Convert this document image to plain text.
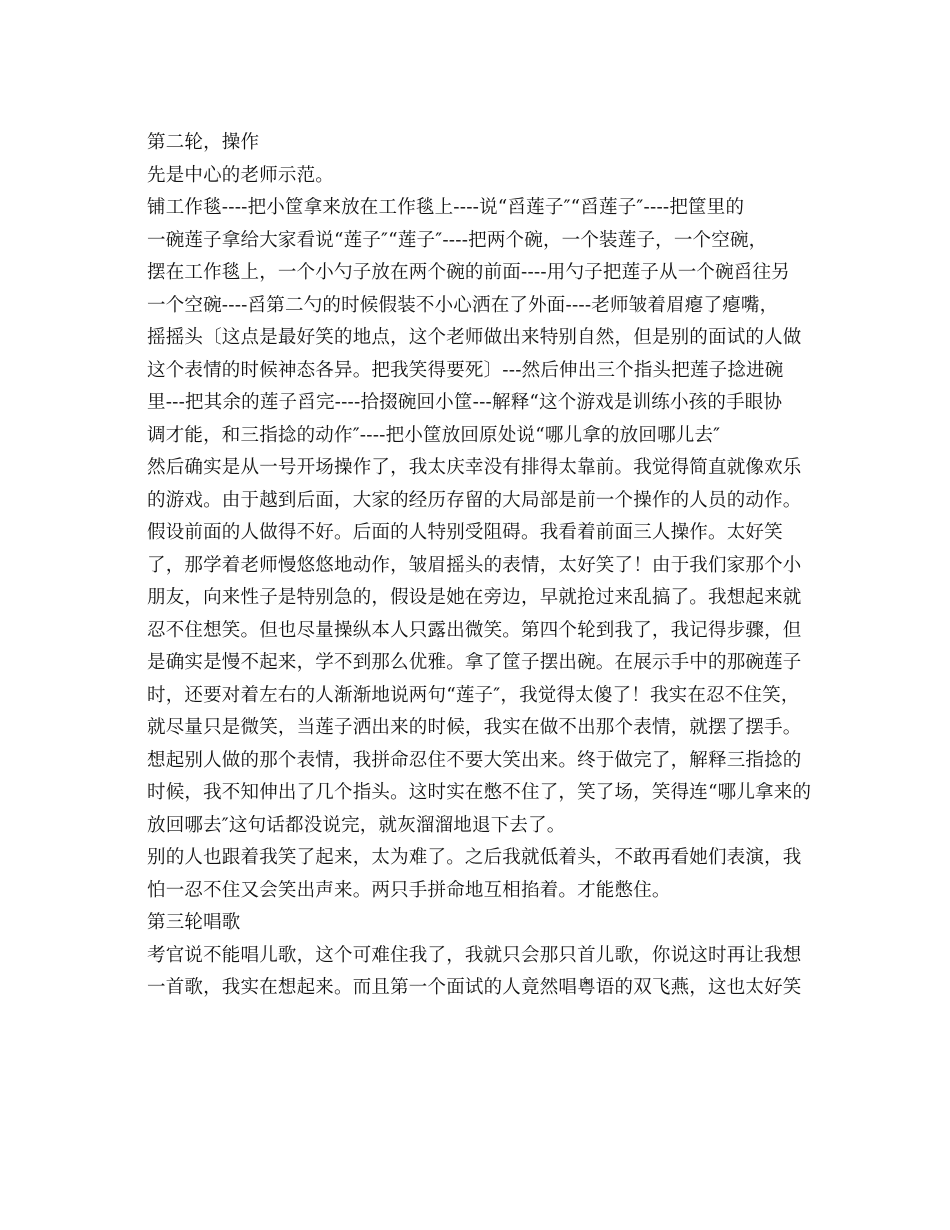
第二轮，操作
先是中心的老师示范。
铺工作毯----把小筐拿来放在工作毯上----说“舀莲子″“舀莲子″----把筐里的
一碗莲子拿给大家看说“莲子″“莲子″----把两个碗，一个装莲子，一个空碗，
摆在工作毯上，一个小勺子放在两个碗的前面----用勺子把莲子从一个碗舀往另
一个空碗----舀第二勺的时候假装不小心洒在了外面----老师皱着眉瘪了瘪嘴，
摇摇头〔这点是最好笑的地点，这个老师做出来特别自然，但是别的面试的人做
这个表情的时候神态各异。把我笑得要死〕---然后伸出三个指头把莲子捻进碗
里---把其余的莲子舀完----拾掇碗回小筐---解释“这个游戏是训练小孩的手眼协
调才能，和三指捻的动作″----把小筐放回原处说“哪儿拿的放回哪儿去″
然后确实是从一号开场操作了，我太庆幸没有排得太靠前。我觉得简直就像欢乐
的游戏。由于越到后面，大家的经历存留的大局部是前一个操作的人员的动作。
假设前面的人做得不好。后面的人特别受阻碍。我看着前面三人操作。太好笑
了，那学着老师慢悠悠地动作，皱眉摇头的表情，太好笑了！由于我们家那个小
朋友，向来性子是特别急的，假设是她在旁边，早就抢过来乱搞了。我想起来就
忍不住想笑。但也尽量操纵本人只露出微笑。第四个轮到我了，我记得步骤，但
是确实是慢不起来，学不到那么优雅。拿了筐子摆出碗。在展示手中的那碗莲子
时，还要对着左右的人渐渐地说两句“莲子″，我觉得太傻了！我实在忍不住笑，
就尽量只是微笑，当莲子洒出来的时候，我实在做不出那个表情，就摆了摆手。
想起别人做的那个表情，我拼命忍住不要大笑出来。终于做完了，解释三指捻的
时候，我不知伸出了几个指头。这时实在憋不住了，笑了场，笑得连“哪儿拿来的
放回哪去″这句话都没说完，就灰溜溜地退下去了。
别的人也跟着我笑了起来，太为难了。之后我就低着头，不敢再看她们表演，我
怕一忍不住又会笑出声来。两只手拼命地互相掐着。才能憋住。
第三轮唱歌
考官说不能唱儿歌，这个可难住我了，我就只会那只首儿歌，你说这时再让我想
一首歌，我实在想起来。而且第一个面试的人竟然唱粤语的双飞燕，这也太好笑
